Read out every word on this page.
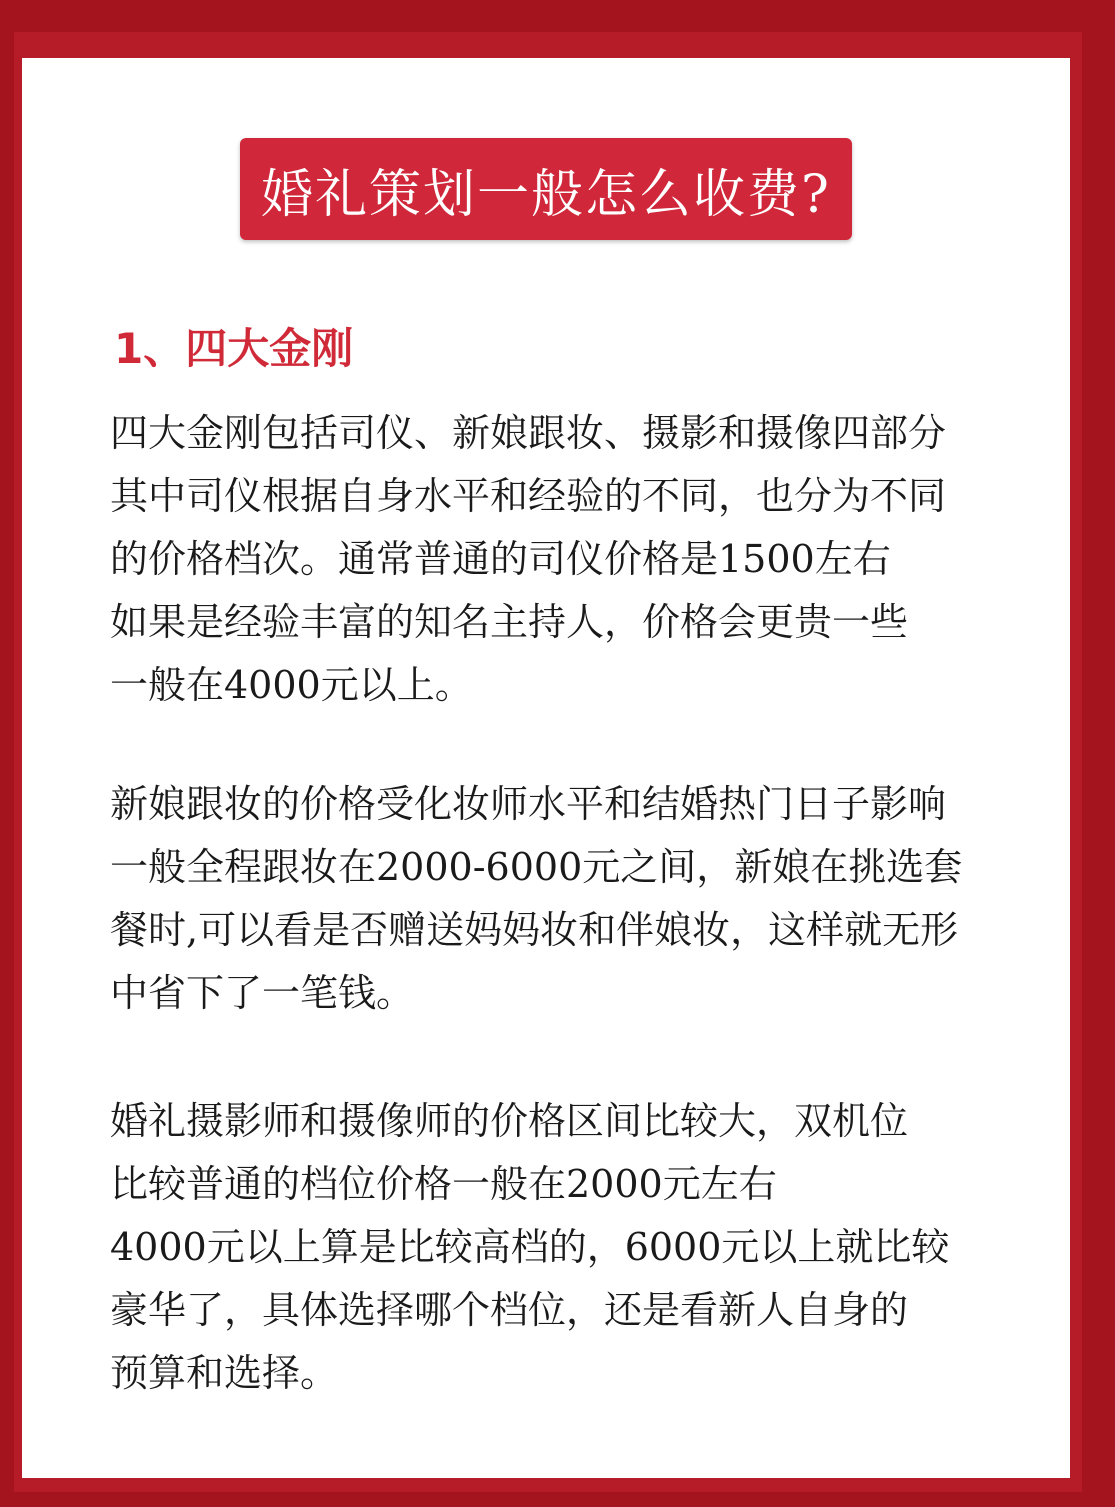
婚礼策划一般怎么收费?
1、四大金刚
四大金刚包括司仪、新娘跟妆、摄影和摄像四部分
其中司仪根据自身水平和经验的不同，也分为不同
的价格档次。通常普通的司仪价格是1500左右
如果是经验丰富的知名主持人，价格会更贵一些
一般在4000元以上。
新娘跟妆的价格受化妆师水平和结婚热门日子影响
一般全程跟妆在2000-6000元之间，新娘在挑选套
餐时,可以看是否赠送妈妈妆和伴娘妆，这样就无形
中省下了一笔钱。
婚礼摄影师和摄像师的价格区间比较大，双机位
比较普通的档位价格一般在2000元左右
4000元以上算是比较高档的，6000元以上就比较
豪华了，具体选择哪个档位，还是看新人自身的
预算和选择。
